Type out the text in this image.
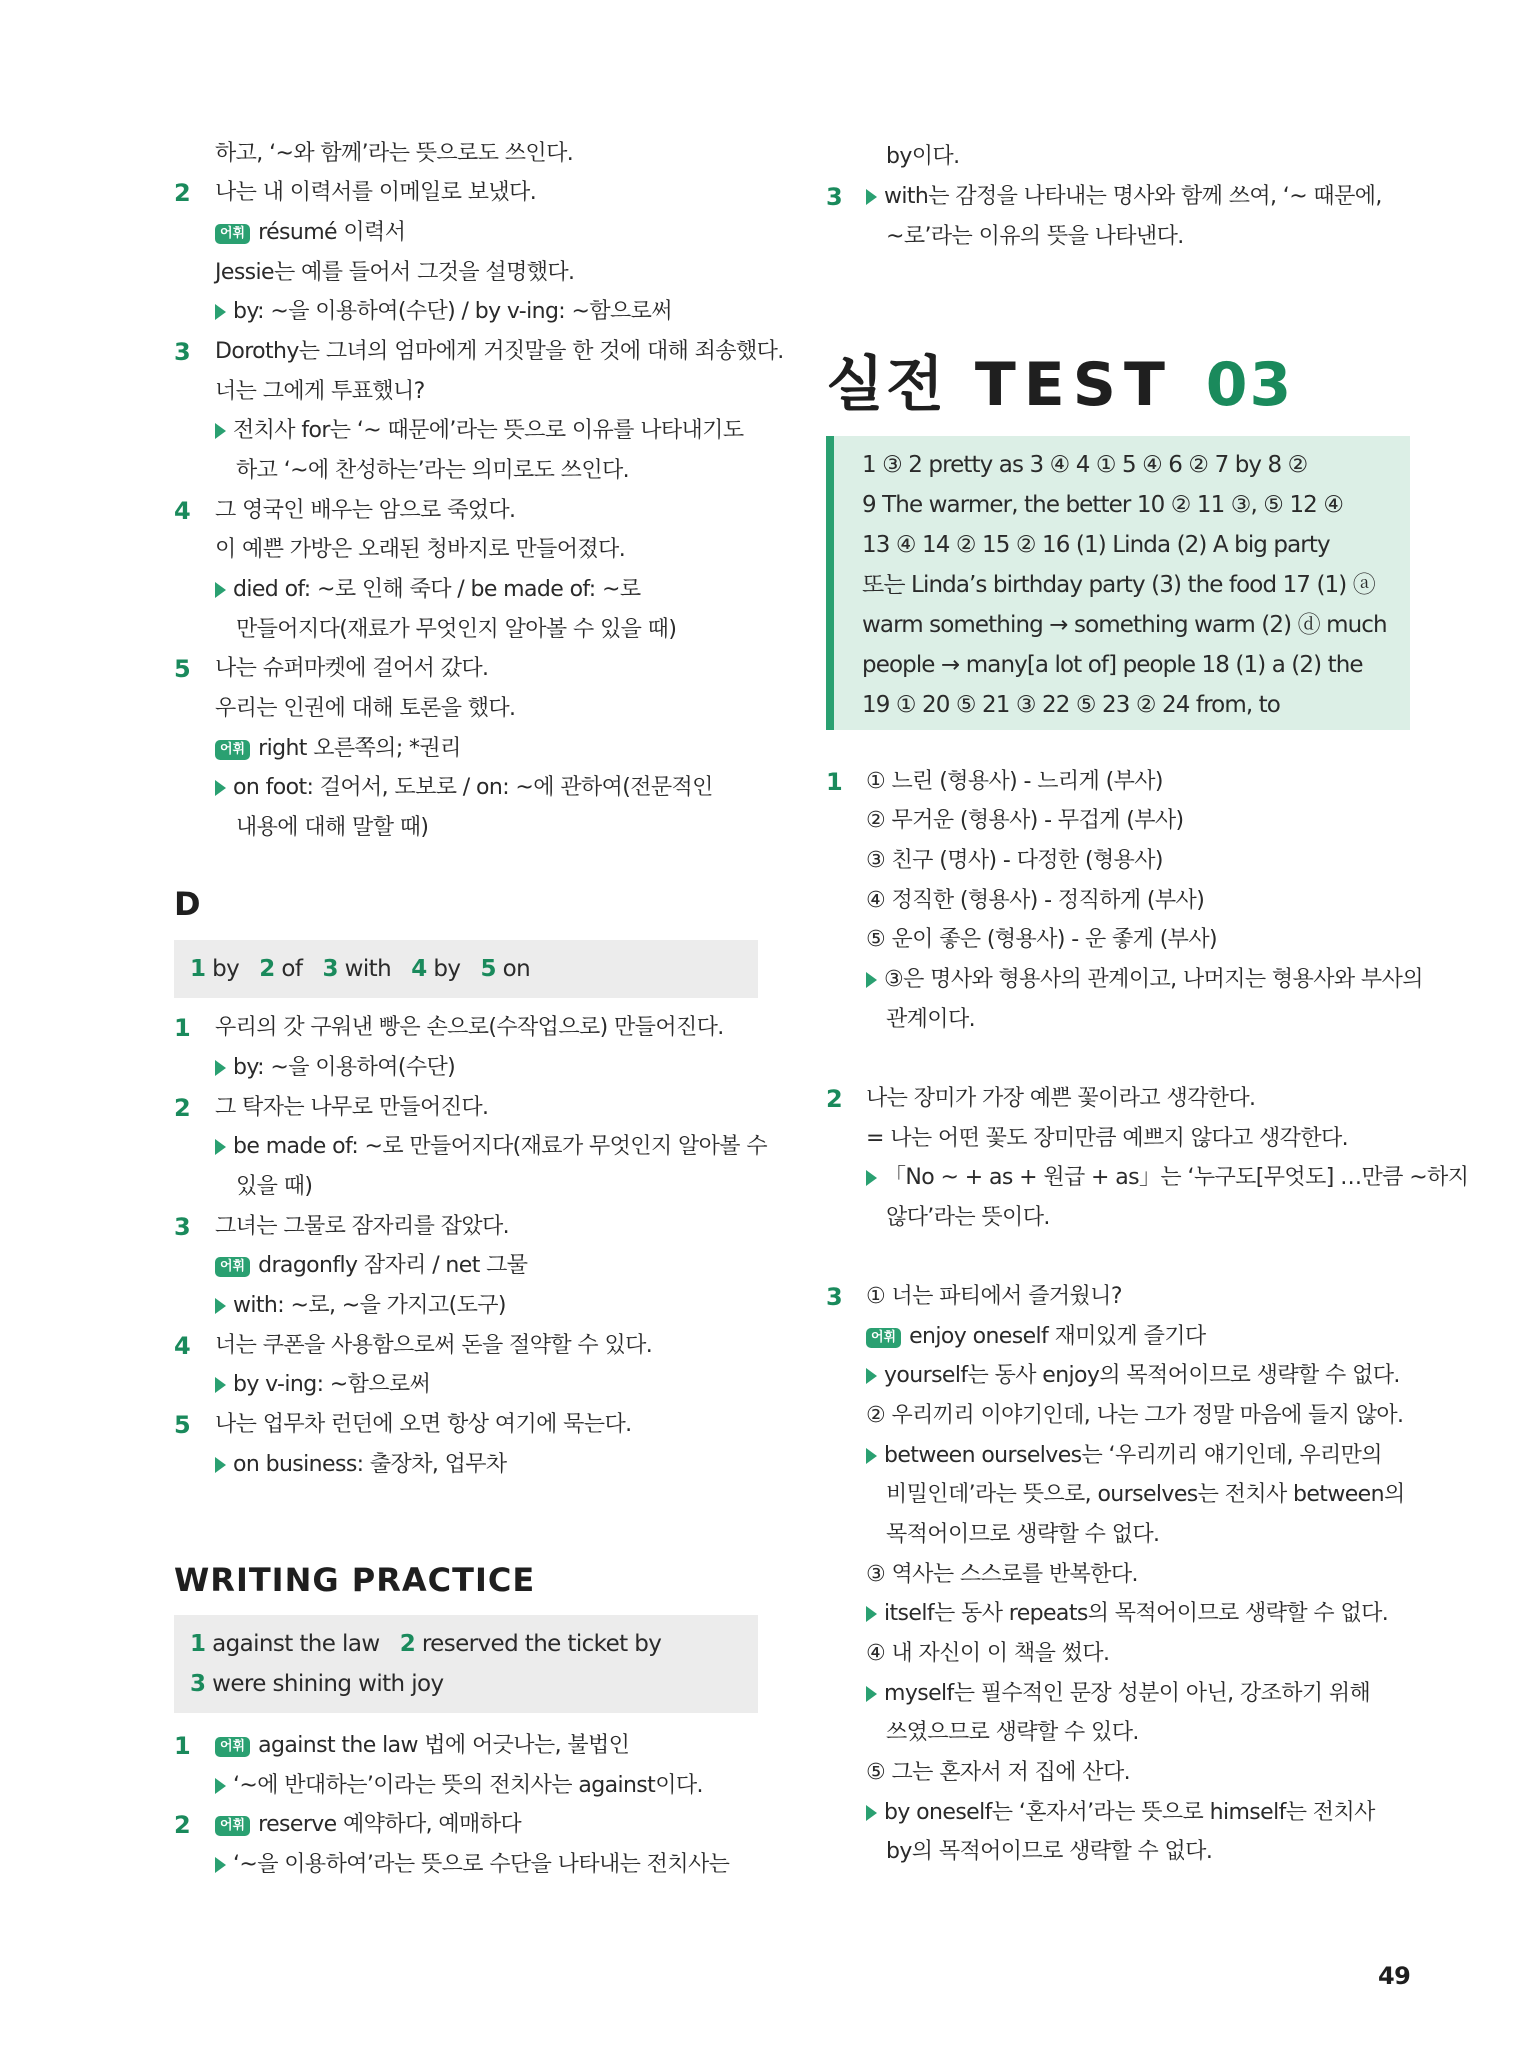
하고, ‘~와 함께’라는 뜻으로도 쓰인다.
2 나는 내 이력서를 이메일로 보냈다.
어휘 résumé 이력서
Jessie는 예를 들어서 그것을 설명했다.
by: ~을 이용하여(수단) / by v-ing: ~함으로써
3 Dorothy는 그녀의 엄마에게 거짓말을 한 것에 대해 죄송했다.
너는 그에게 투표했니?
전치사 for는 ‘~ 때문에’라는 뜻으로 이유를 나타내기도
하고 ‘~에 찬성하는’라는 의미로도 쓰인다.
4 그 영국인 배우는 암으로 죽었다.
이 예쁜 가방은 오래된 청바지로 만들어졌다.
died of: ~로 인해 죽다 / be made of: ~로
만들어지다(재료가 무엇인지 알아볼 수 있을 때)
5 나는 슈퍼마켓에 걸어서 갔다.
우리는 인권에 대해 토론을 했다.
어휘 right 오른쪽의; *권리
on foot: 걸어서, 도보로 / on: ~에 관하여(전문적인
내용에 대해 말할 때)
D
1 by 2 of 3 with 4 by 5 on
1 우리의 갓 구워낸 빵은 손으로(수작업으로) 만들어진다.
by: ~을 이용하여(수단)
2 그 탁자는 나무로 만들어진다.
be made of: ~로 만들어지다(재료가 무엇인지 알아볼 수
있을 때)
3 그녀는 그물로 잠자리를 잡았다.
어휘 dragonfly 잠자리 / net 그물
with: ~로, ~을 가지고(도구)
4 너는 쿠폰을 사용함으로써 돈을 절약할 수 있다.
by v-ing: ~함으로써
5 나는 업무차 런던에 오면 항상 여기에 묵는다.
on business: 출장차, 업무차
WRITING PRACTICE
1 against the law 2 reserved the ticket by
3 were shining with joy
1	어휘 against the law 법에 어긋나는, 불법인
‘~에 반대하는’이라는 뜻의 전치사는 against이다.
2	어휘 reserve 예약하다, 예매하다
‘~을 이용하여’라는 뜻으로 수단을 나타내는 전치사는
by이다.
3	with는 감정을 나타내는 명사와 함께 쓰여, ‘~ 때문에,
~로’라는 이유의 뜻을 나타낸다.
실전 TEST 03
1 ③ 2 pretty as 3 ④ 4 ① 5 ④ 6 ② 7 by 8 ②
9 The warmer, the better 10 ② 11 ③, ⑤ 12 ④
13 ④ 14 ② 15 ② 16 (1) Linda (2) A big party
또는 Linda’s birthday party (3) the food 17 (1) ⓐ
warm something → something warm (2) ⓓ much
people → many[a lot of] people 18 (1) a (2) the
19 ① 20 ⑤ 21 ③ 22 ⑤ 23 ② 24 from, to
1 ① 느린 (형용사) - 느리게 (부사)
② 무거운 (형용사) - 무겁게 (부사)
③ 친구 (명사) - 다정한 (형용사)
④ 정직한 (형용사) - 정직하게 (부사)
⑤ 운이 좋은 (형용사) - 운 좋게 (부사)
③은 명사와 형용사의 관계이고, 나머지는 형용사와 부사의
관계이다.
2 나는 장미가 가장 예쁜 꽃이라고 생각한다.
= 나는 어떤 꽃도 장미만큼 예쁘지 않다고 생각한다.
「No ~ + as + 원급 + as」는 ‘누구도[무엇도] …만큼 ~하지
않다’라는 뜻이다.
3 ① 너는 파티에서 즐거웠니?
어휘 enjoy oneself 재미있게 즐기다
yourself는 동사 enjoy의 목적어이므로 생략할 수 없다.
② 우리끼리 이야기인데, 나는 그가 정말 마음에 들지 않아.
between ourselves는 ‘우리끼리 얘기인데, 우리만의
비밀인데’라는 뜻으로, ourselves는 전치사 between의
목적어이므로 생략할 수 없다.
③ 역사는 스스로를 반복한다.
itself는 동사 repeats의 목적어이므로 생략할 수 없다.
④ 내 자신이 이 책을 썼다.
myself는 필수적인 문장 성분이 아닌, 강조하기 위해
쓰였으므로 생략할 수 있다.
⑤ 그는 혼자서 저 집에 산다.
by oneself는 ‘혼자서’라는 뜻으로 himself는 전치사
by의 목적어이므로 생략할 수 없다.
49
